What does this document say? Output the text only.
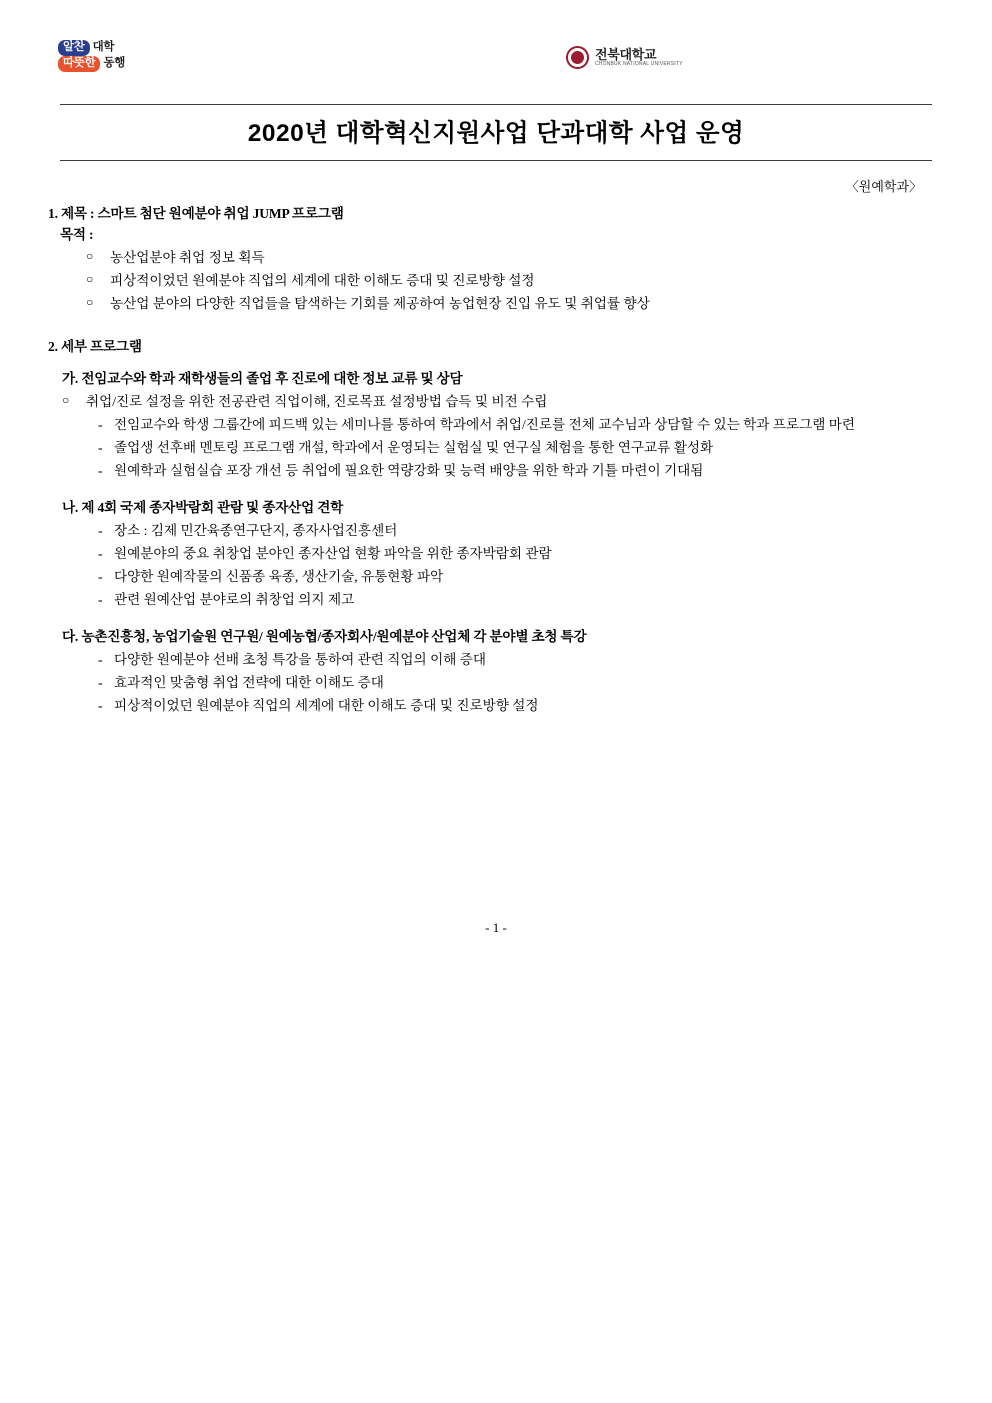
알찬 대학
따뜻한 동행
전북대학교
CHONBUK NATIONAL UNIVERSITY
2020년 대학혁신지원사업 단과대학 사업 운영
〈원예학과〉
1. 제목 : 스마트 첨단 원예분야 취업 JUMP 프로그램
목적 :
○ 농산업분야 취업 정보 획득
○ 피상적이었던 원예분야 직업의 세계에 대한 이해도 증대 및 진로방향 설정
○ 농산업 분야의 다양한 직업들을 탐색하는 기회를 제공하여 농업현장 진입 유도 및 취업률 향상
2. 세부 프로그램
가. 전임교수와 학과 재학생들의 졸업 후 진로에 대한 정보 교류 및 상담
○ 취업/진로 설정을 위한 전공관련 직업이해, 진로목표 설정방법 습득 및 비전 수립
- 전임교수와 학생 그룹간에 피드백 있는 세미나를 통하여 학과에서 취업/진로를 전체 교수님과 상담할 수 있는 학과 프로그램 마련
- 졸업생 선후배 멘토링 프로그램 개설, 학과에서 운영되는 실험실 및 연구실 체험을 통한 연구교류 활성화
- 원예학과 실험실습 포장 개선 등 취업에 필요한 역량강화 및 능력 배양을 위한 학과 기틀 마련이 기대됨
나. 제 4회 국제 종자박람회 관람 및 종자산업 견학
- 장소 : 김제 민간육종연구단지, 종자사업진흥센터
- 원예분야의 중요 취창업 분야인 종자산업 현황 파악을 위한 종자박람회 관람
- 다양한 원예작물의 신품종 육종, 생산기술, 유통현황 파악
- 관련 원예산업 분야로의 취창업 의지 제고
다. 농촌진흥청, 농업기술원 연구원/ 원예농협/종자회사/원예분야 산업체 각 분야별 초청 특강
- 다양한 원예분야 선배 초청 특강을 통하여 관련 직업의 이해 증대
- 효과적인 맞춤형 취업 전략에 대한 이해도 증대
- 피상적이었던 원예분야 직업의 세계에 대한 이해도 증대 및 진로방향 설정
- 1 -
